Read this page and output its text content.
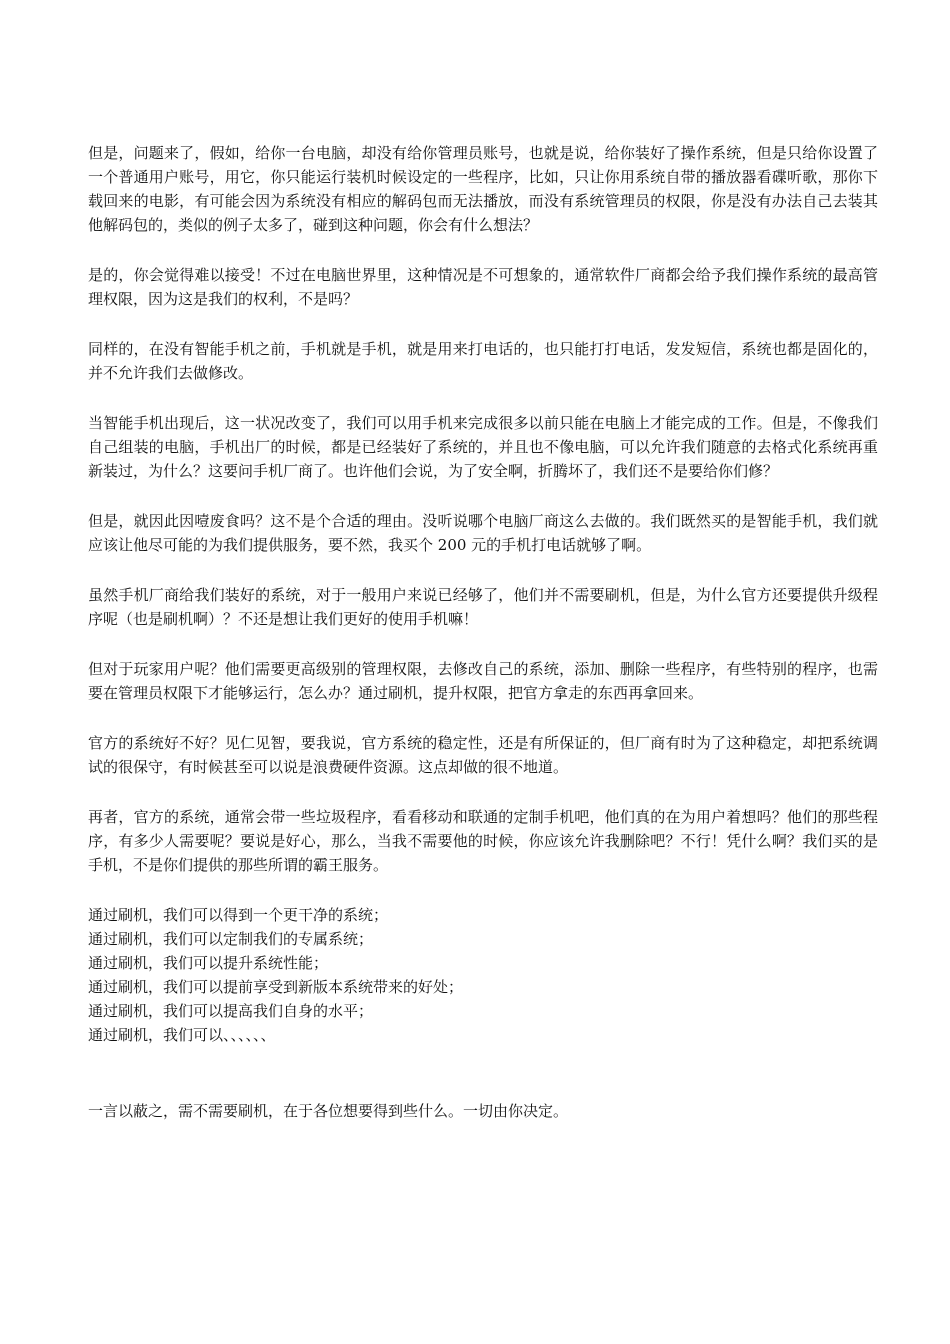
但是，问题来了，假如，给你一台电脑，却没有给你管理员账号，也就是说，给你装好了操作系统，但是只给你设置了一个普通用户账号，用它，你只能运行装机时候设定的一些程序，比如，只让你用系统自带的播放器看碟听歌，那你下载回来的电影，有可能会因为系统没有相应的解码包而无法播放，而没有系统管理员的权限，你是没有办法自己去装其他解码包的，类似的例子太多了，碰到这种问题，你会有什么想法？

是的，你会觉得难以接受！不过在电脑世界里，这种情况是不可想象的，通常软件厂商都会给予我们操作系统的最高管理权限，因为这是我们的权利，不是吗？

同样的，在没有智能手机之前，手机就是手机，就是用来打电话的，也只能打打电话，发发短信，系统也都是固化的，并不允许我们去做修改。

当智能手机出现后，这一状况改变了，我们可以用手机来完成很多以前只能在电脑上才能完成的工作。但是，不像我们自己组装的电脑，手机出厂的时候，都是已经装好了系统的，并且也不像电脑，可以允许我们随意的去格式化系统再重新装过，为什么？这要问手机厂商了。也许他们会说，为了安全啊，折腾坏了，我们还不是要给你们修？

但是，就因此因噎废食吗？这不是个合适的理由。没听说哪个电脑厂商这么去做的。我们既然买的是智能手机，我们就应该让他尽可能的为我们提供服务，要不然，我买个 200 元的手机打电话就够了啊。

虽然手机厂商给我们装好的系统，对于一般用户来说已经够了，他们并不需要刷机，但是，为什么官方还要提供升级程序呢（也是刷机啊）？不还是想让我们更好的使用手机嘛！

但对于玩家用户呢？他们需要更高级别的管理权限，去修改自己的系统，添加、删除一些程序，有些特别的程序，也需要在管理员权限下才能够运行，怎么办？通过刷机，提升权限，把官方拿走的东西再拿回来。

官方的系统好不好？见仁见智，要我说，官方系统的稳定性，还是有所保证的，但厂商有时为了这种稳定，却把系统调试的很保守，有时候甚至可以说是浪费硬件资源。这点却做的很不地道。

再者，官方的系统，通常会带一些垃圾程序，看看移动和联通的定制手机吧，他们真的在为用户着想吗？他们的那些程序，有多少人需要呢？要说是好心，那么，当我不需要他的时候，你应该允许我删除吧？不行！凭什么啊？我们买的是手机，不是你们提供的那些所谓的霸王服务。

通过刷机，我们可以得到一个更干净的系统；
通过刷机，我们可以定制我们的专属系统；
通过刷机，我们可以提升系统性能；
通过刷机，我们可以提前享受到新版本系统带来的好处；
通过刷机，我们可以提高我们自身的水平；
通过刷机，我们可以、、、、、、

一言以蔽之，需不需要刷机，在于各位想要得到些什么。一切由你决定。
